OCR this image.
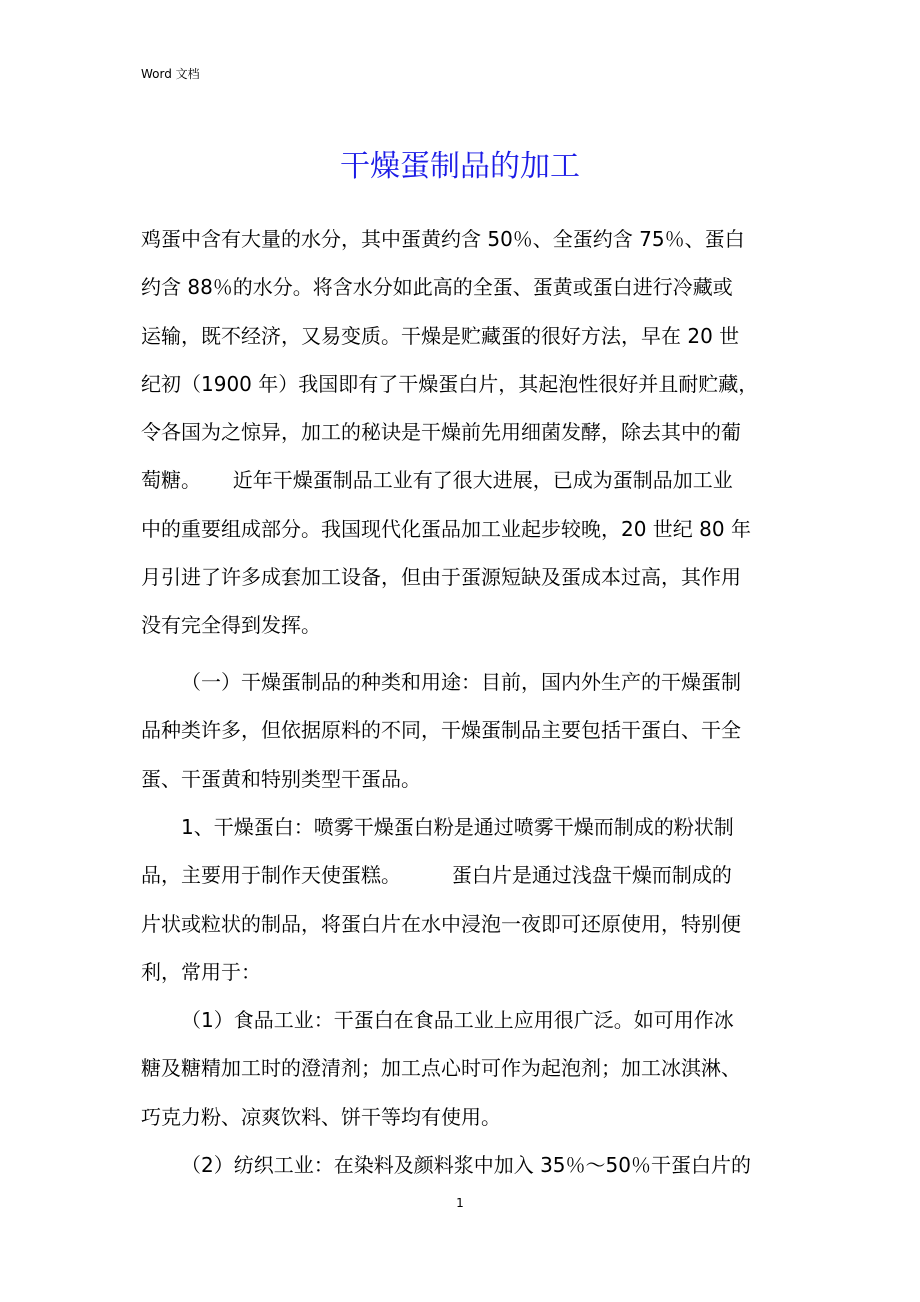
Word 文档
干燥蛋制品的加工
鸡蛋中含有大量的水分，其中蛋黄约含 50％、全蛋约含 75％、蛋白
约含 88％的水分。将含水分如此高的全蛋、蛋黄或蛋白进行冷藏或
运输，既不经济，又易变质。干燥是贮藏蛋的很好方法，早在 20 世
纪初（1900 年）我国即有了干燥蛋白片，其起泡性很好并且耐贮藏，
令各国为之惊异，加工的秘诀是干燥前先用细菌发酵，除去其中的葡
萄糖。     近年干燥蛋制品工业有了很大进展，已成为蛋制品加工业
中的重要组成部分。我国现代化蛋品加工业起步较晚，20 世纪 80 年
月引进了许多成套加工设备，但由于蛋源短缺及蛋成本过高，其作用
没有完全得到发挥。
（一）干燥蛋制品的种类和用途：目前，国内外生产的干燥蛋制
品种类许多，但依据原料的不同，干燥蛋制品主要包括干蛋白、干全
蛋、干蛋黄和特别类型干蛋品。
1、干燥蛋白：喷雾干燥蛋白粉是通过喷雾干燥而制成的粉状制
品，主要用于制作天使蛋糕。        蛋白片是通过浅盘干燥而制成的
片状或粒状的制品，将蛋白片在水中浸泡一夜即可还原使用，特别便
利，常用于：
（1）食品工业：干蛋白在食品工业上应用很广泛。如可用作冰
糖及糖精加工时的澄清剂；加工点心时可作为起泡剂；加工冰淇淋、
巧克力粉、凉爽饮料、饼干等均有使用。
（2）纺织工业：在染料及颜料浆中加入 35％～50％干蛋白片的
1
